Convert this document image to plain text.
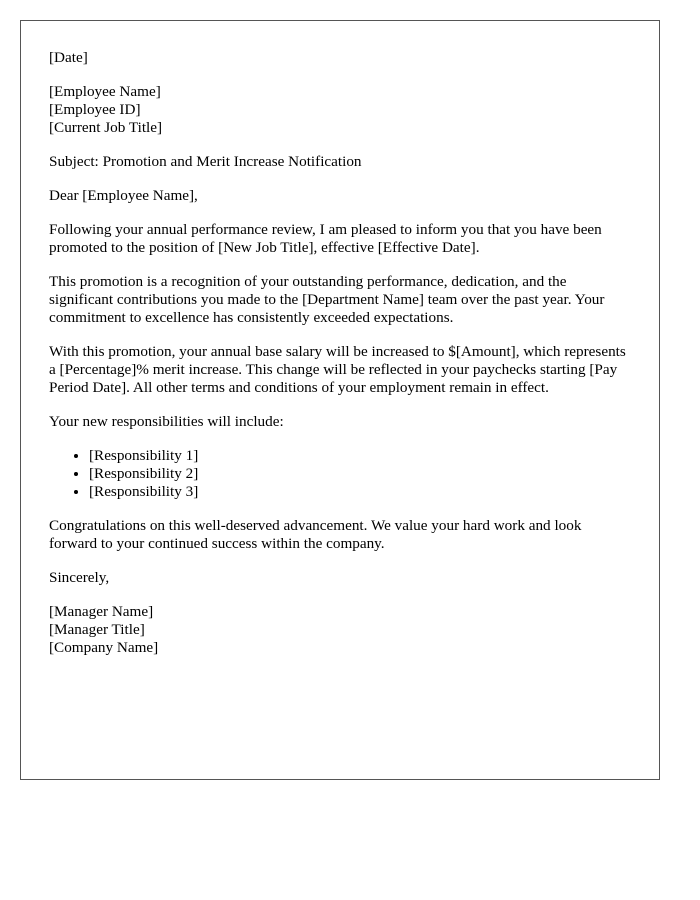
[Date]

[Employee Name]
[Employee ID]
[Current Job Title]

Subject: Promotion and Merit Increase Notification

Dear [Employee Name],

Following your annual performance review, I am pleased to inform you that you have been promoted to the position of [New Job Title], effective [Effective Date].

This promotion is a recognition of your outstanding performance, dedication, and the significant contributions you made to the [Department Name] team over the past year. Your commitment to excellence has consistently exceeded expectations.

With this promotion, your annual base salary will be increased to $[Amount], which represents a [Percentage]% merit increase. This change will be reflected in your paychecks starting [Pay Period Date]. All other terms and conditions of your employment remain in effect.

Your new responsibilities will include:

• [Responsibility 1]
• [Responsibility 2]
• [Responsibility 3]

Congratulations on this well-deserved advancement. We value your hard work and look forward to your continued success within the company.

Sincerely,

[Manager Name]
[Manager Title]
[Company Name]
